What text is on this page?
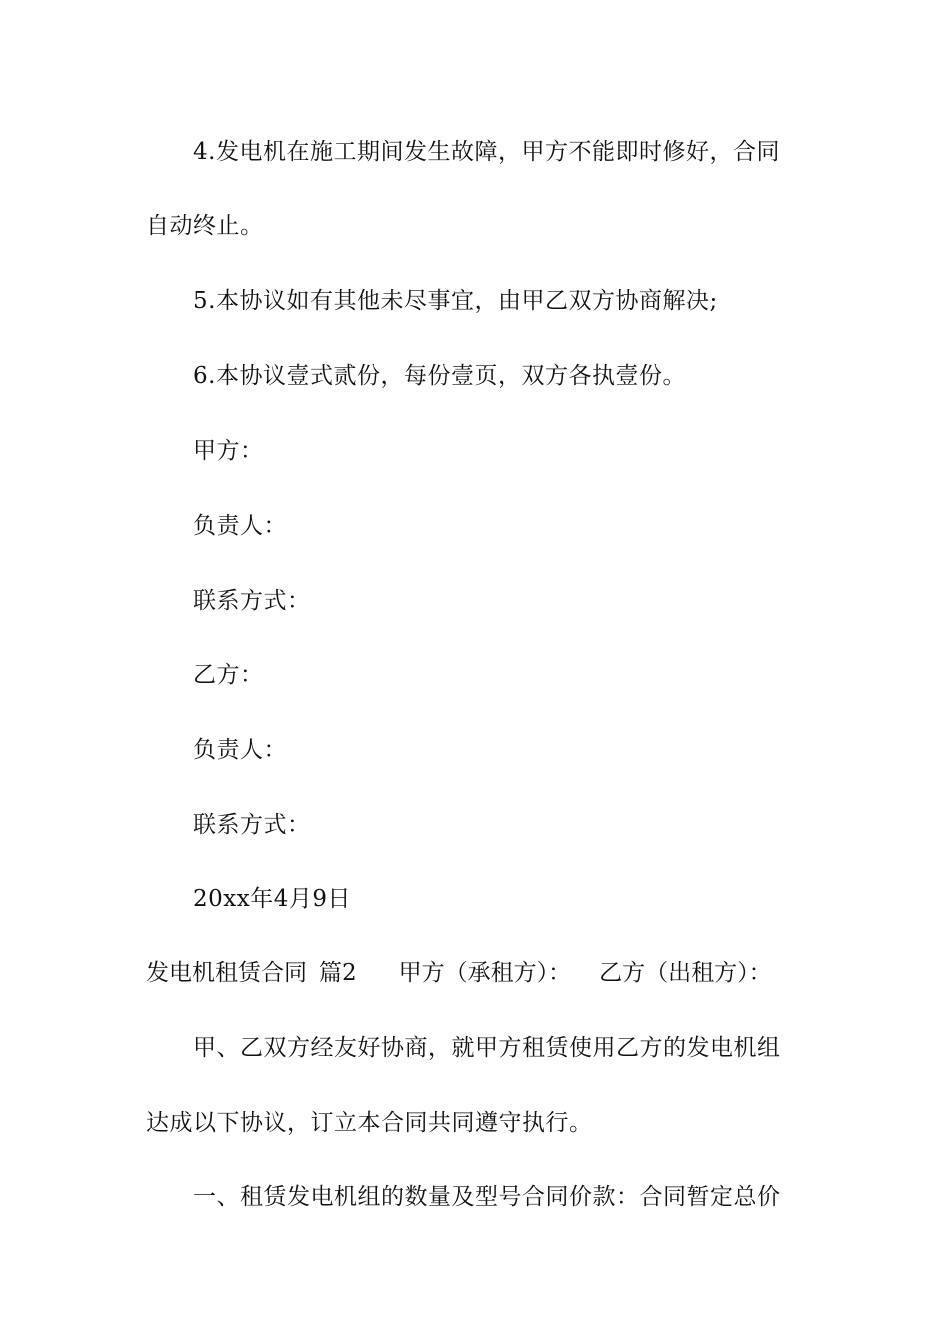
4.发电机在施工期间发生故障，甲方不能即时修好，合同
自动终止。
5.本协议如有其他未尽事宜，由甲乙双方协商解决;
6.本协议壹式贰份，每份壹页，双方各执壹份。
甲方：
负责人：
联系方式：
乙方：
负责人：
联系方式：
20xx年4月9日
发电机租赁合同 篇2 甲方（承租方）： 乙方（出租方）：
甲、乙双方经友好协商，就甲方租赁使用乙方的发电机组
达成以下协议，订立本合同共同遵守执行。
一、租赁发电机组的数量及型号合同价款：合同暂定总价
